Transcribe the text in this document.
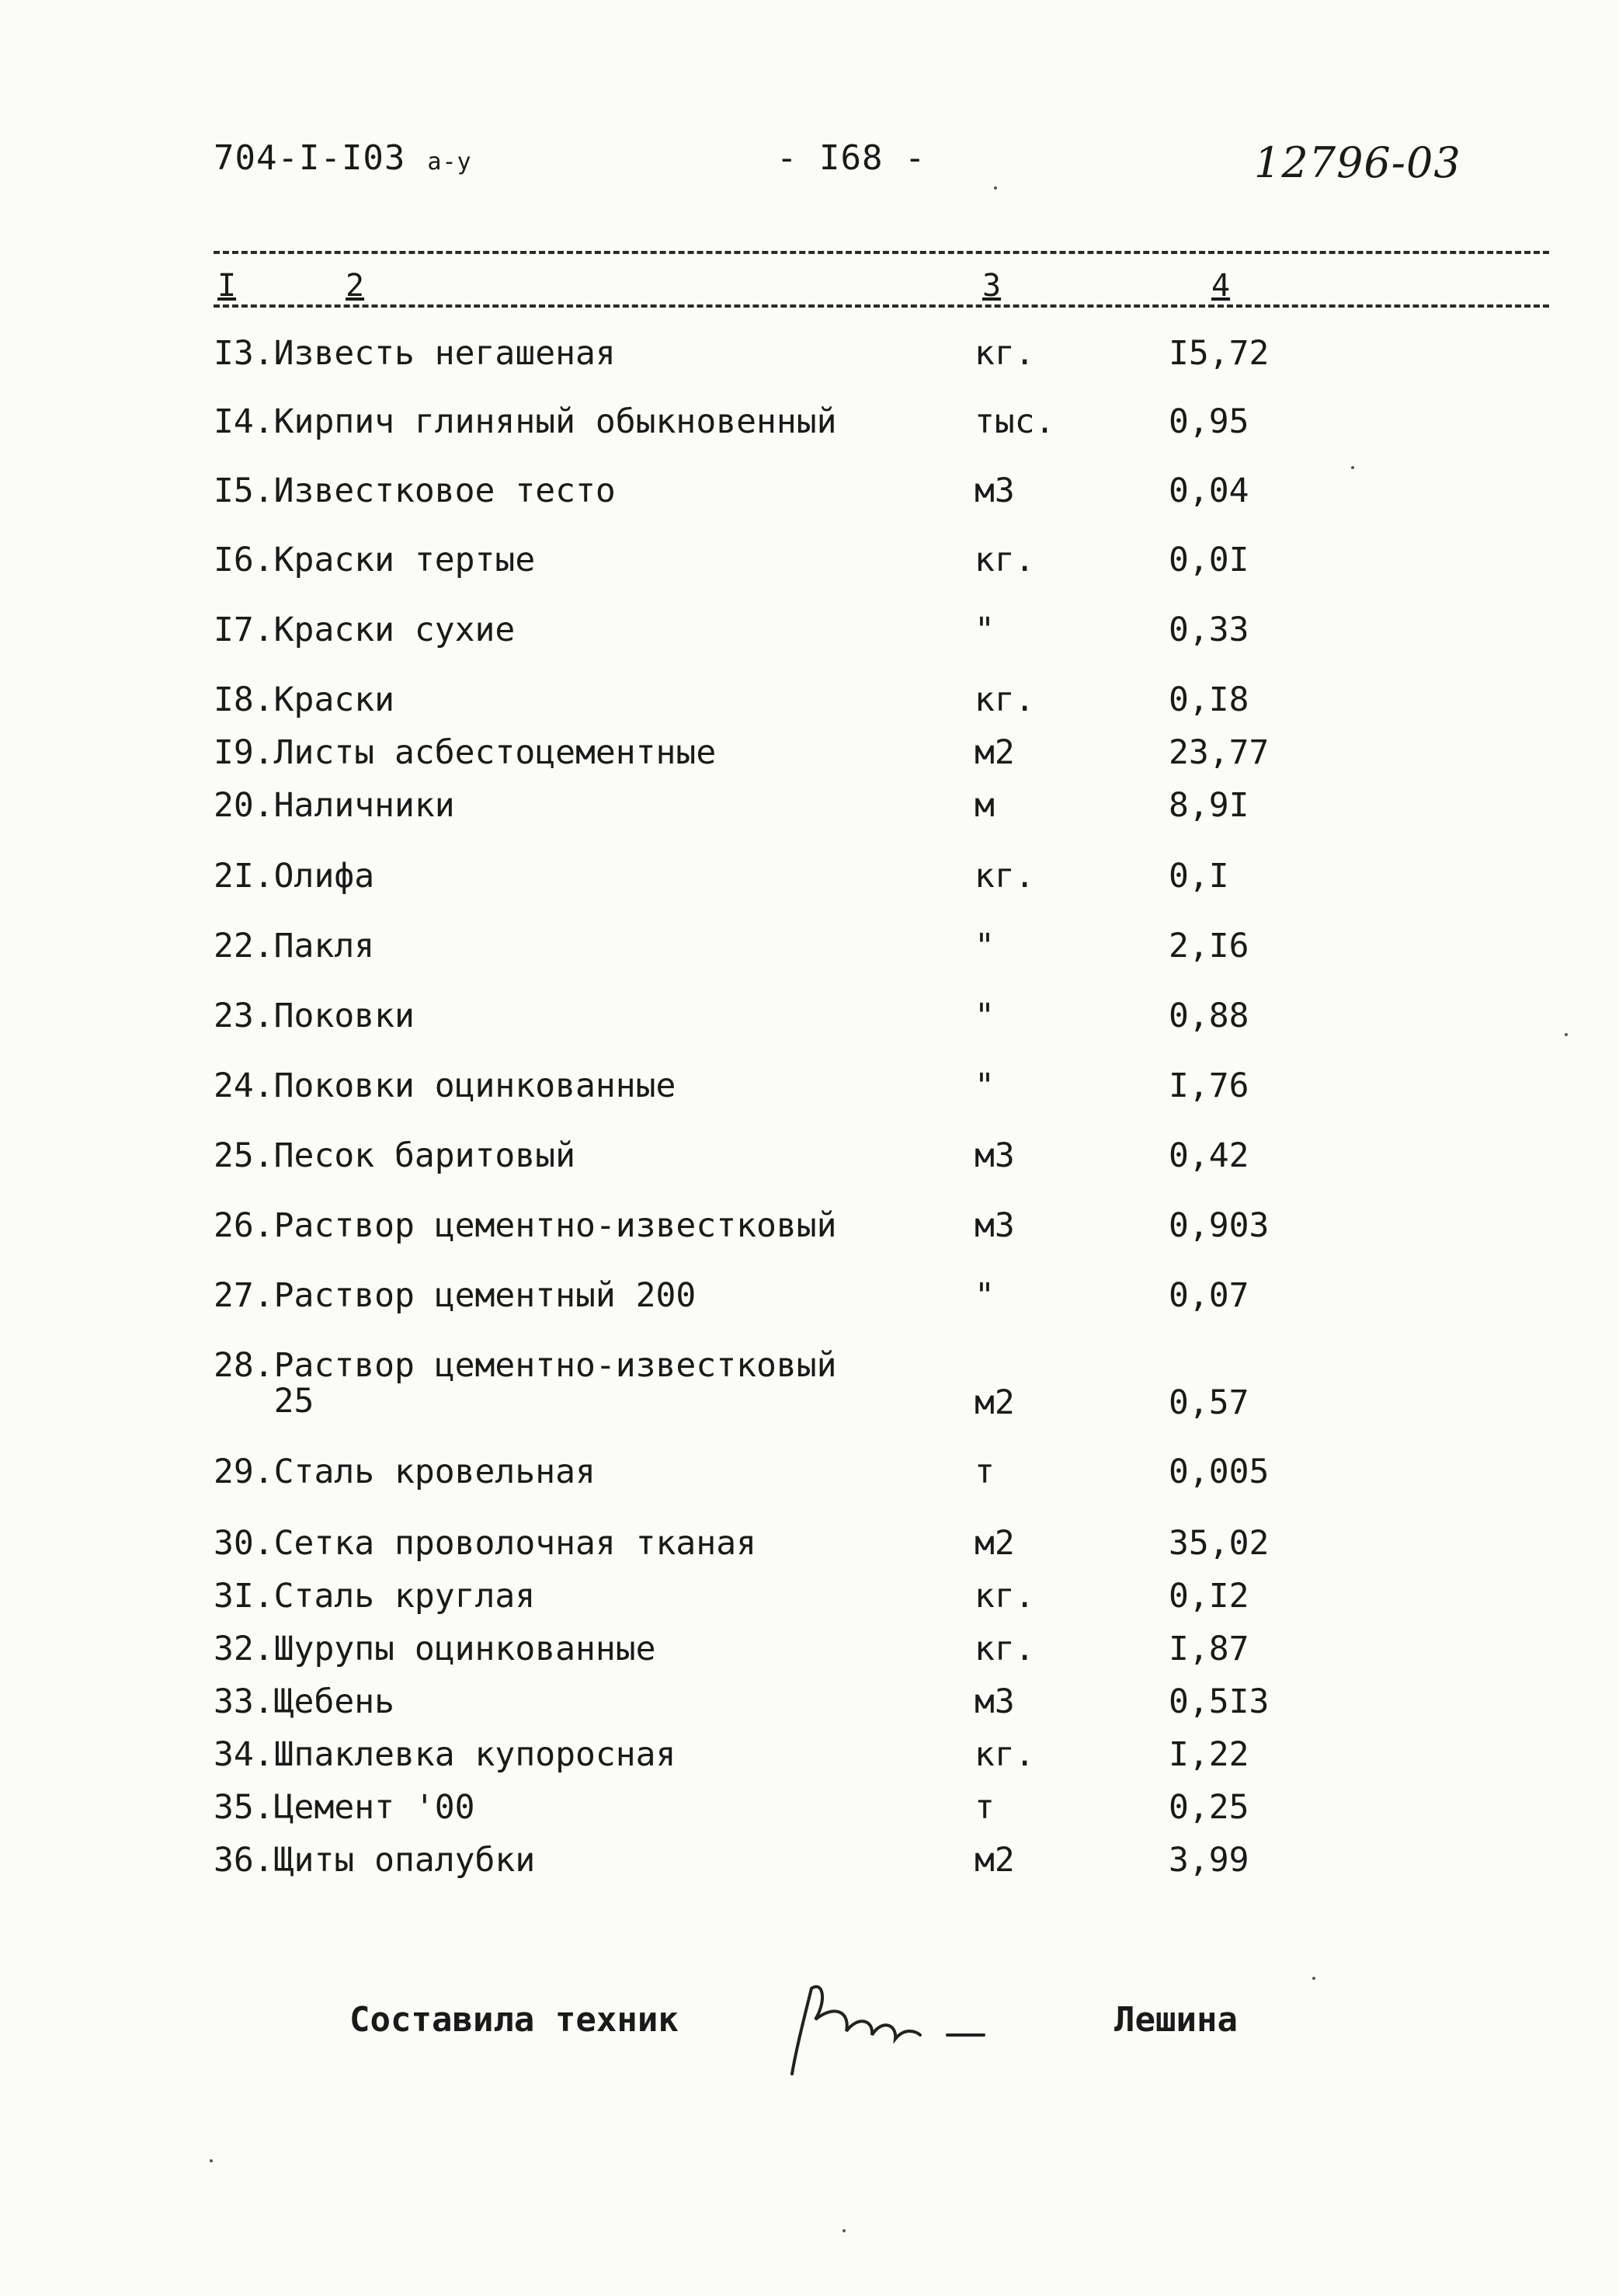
704-I-I03 а-у	- I68 -	12796-03
I	2	3	4
I3.Известь негашеная	кг.	I5,72
I4.Кирпич глиняный обыкновенный	тыс.	0,95
I5.Известковое тесто	м3	0,04
I6.Краски тертые	кг.	0,0I
I7.Краски сухие	"	0,33
I8.Краски	кг.	0,I8
I9.Листы асбестоцементные	м2	23,77
20.Наличники	м	8,9I
2I.Олифа	кг.	0,I
22.Пакля	"	2,I6
23.Поковки	"	0,88
24.Поковки оцинкованные	"	I,76
25.Песок баритовый	м3	0,42
26.Раствор цементно-известковый	м3	0,903
27.Раствор цементный 200	"	0,07
28.Раствор цементно-известковый
25	м2	0,57
29.Сталь кровельная	т	0,005
30.Сетка проволочная тканая	м2	35,02
3I.Сталь круглая	кг.	0,I2
32.Шурупы оцинкованные	кг.	I,87
33.Щебень	м3	0,5I3
34.Шпаклевка купоросная	кг.	I,22
35.Цемент '00	т	0,25
36.Щиты опалубки	м2	3,99
Составила техник	Лешина
